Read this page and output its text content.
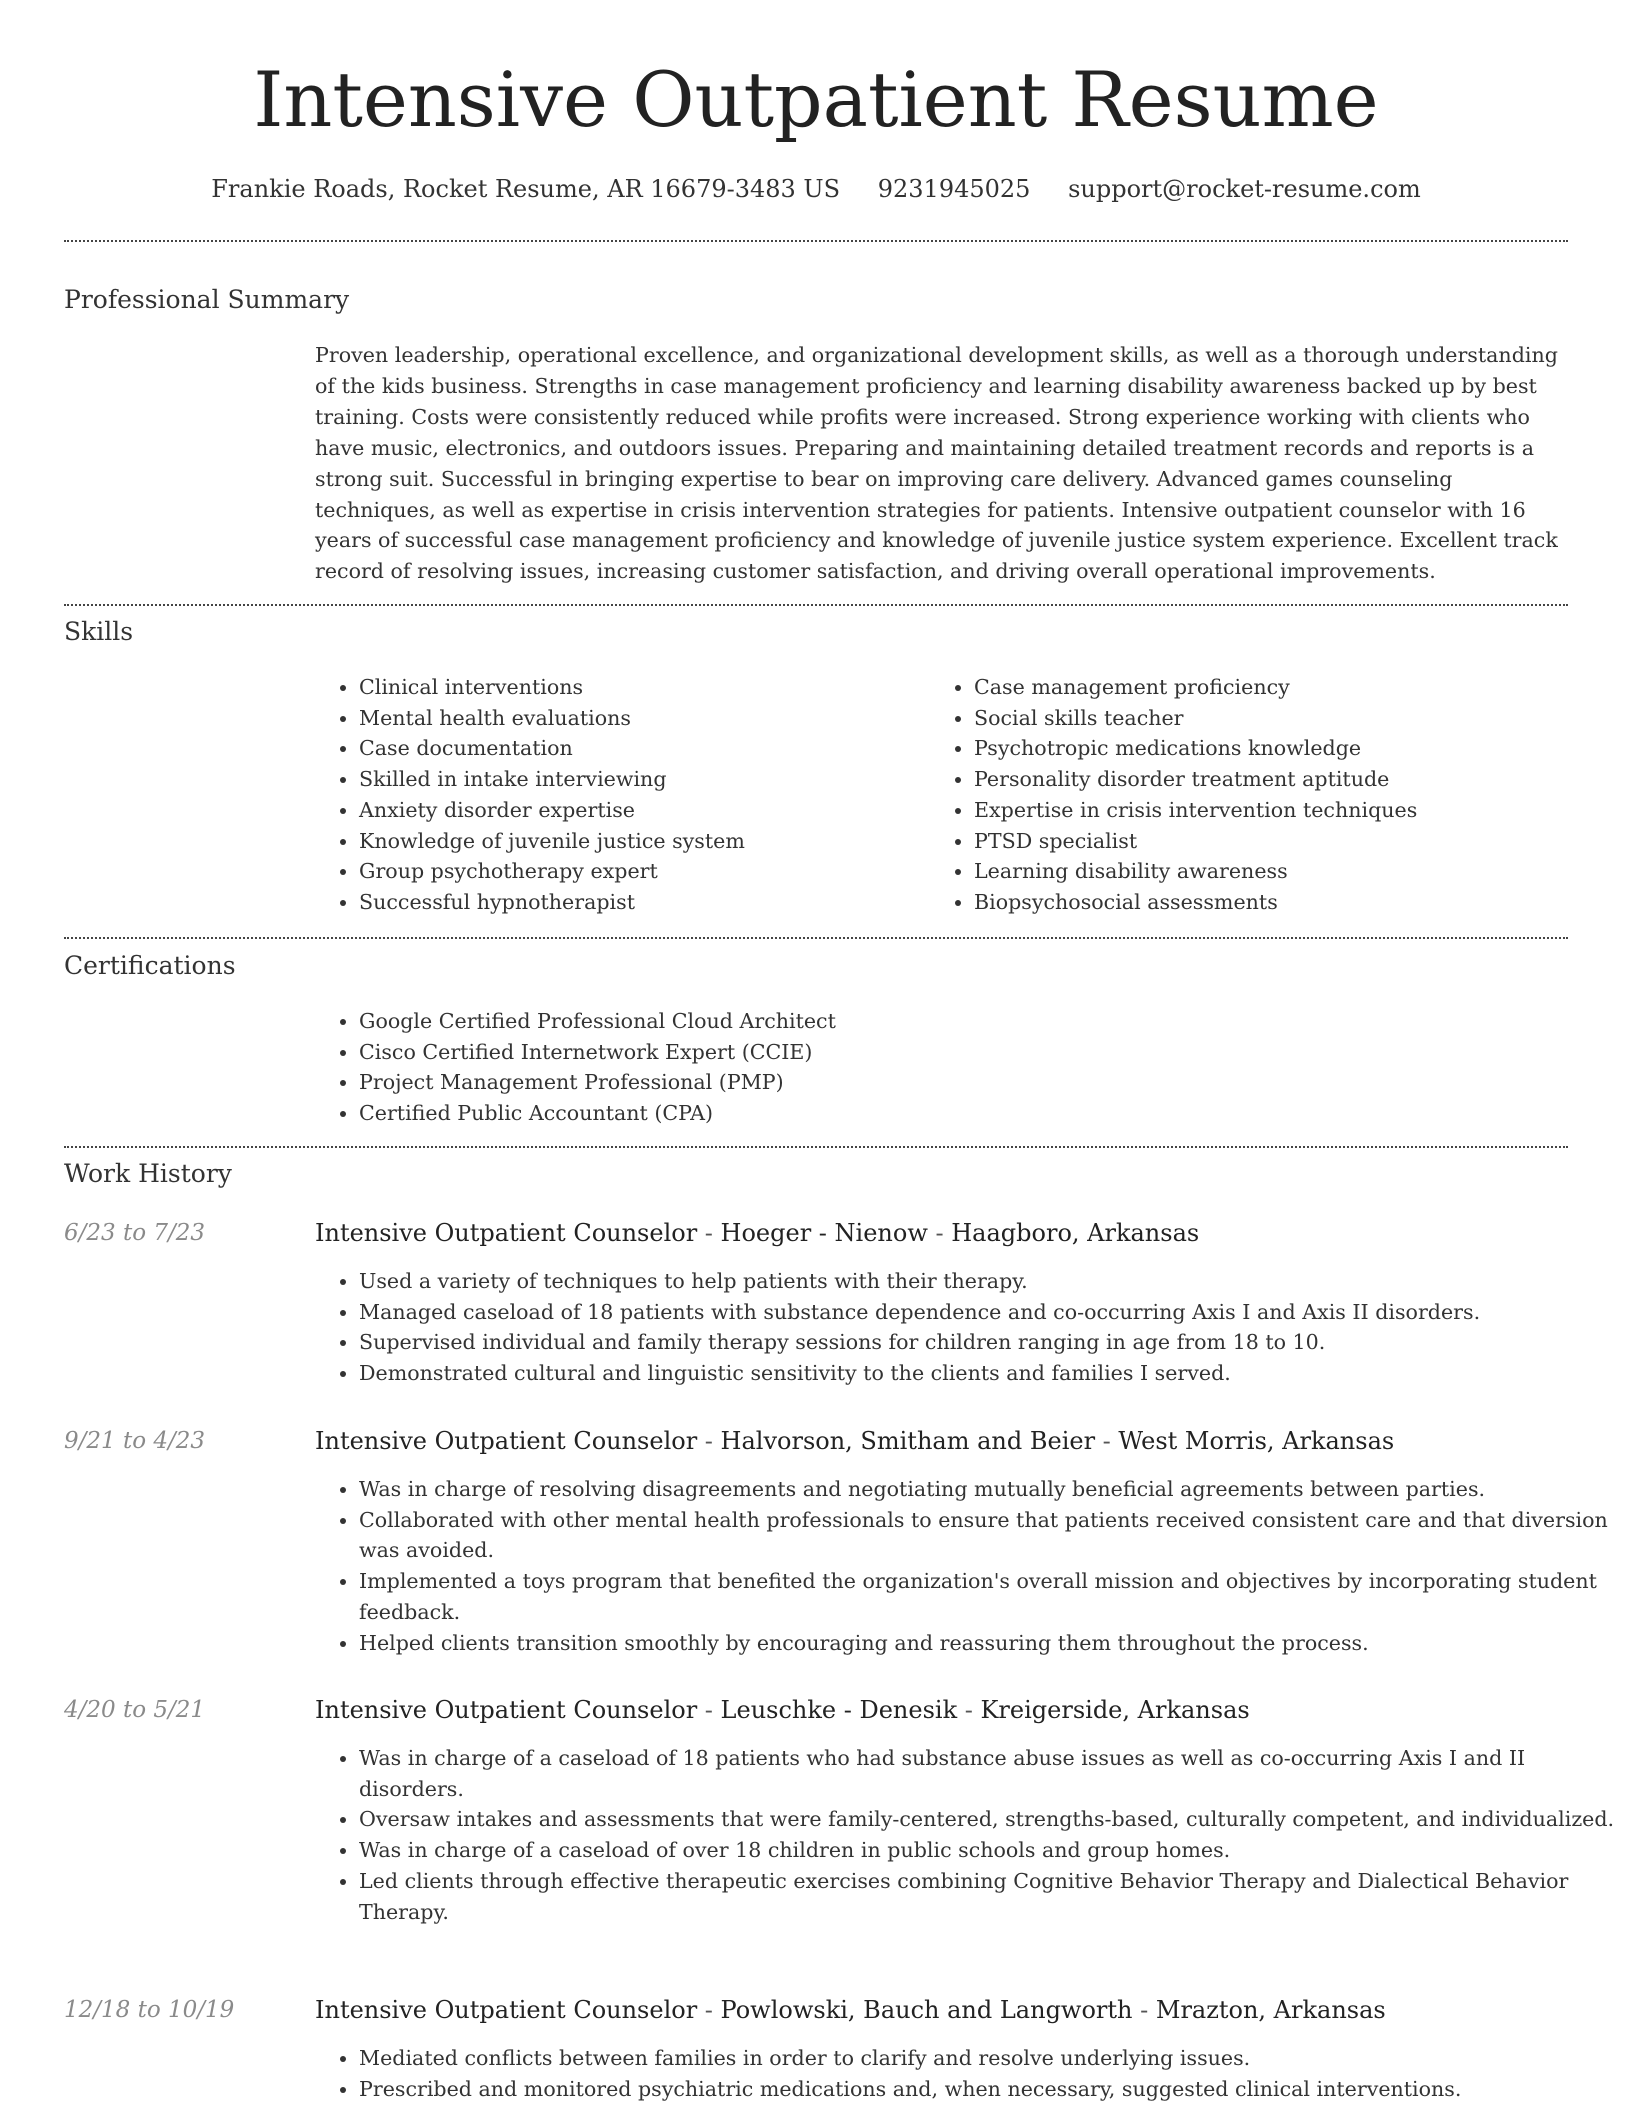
Intensive Outpatient Resume
Frankie Roads, Rocket Resume, AR 16679-3483 US 9231945025 support@rocket-resume.com
Professional Summary

Proven leadership, operational excellence, and organizational development skills, as well as a thorough understanding of the kids business. Strengths in case management proficiency and learning disability awareness backed up by best training. Costs were consistently reduced while profits were increased. Strong experience working with clients who have music, electronics, and outdoors issues. Preparing and maintaining detailed treatment records and reports is a strong suit. Successful in bringing expertise to bear on improving care delivery. Advanced games counseling techniques, as well as expertise in crisis intervention strategies for patients. Intensive outpatient counselor with 16 years of successful case management proficiency and knowledge of juvenile justice system experience. Excellent track record of resolving issues, increasing customer satisfaction, and driving overall operational improvements.

Skills
• Clinical interventions
• Mental health evaluations
• Case documentation
• Skilled in intake interviewing
• Anxiety disorder expertise
• Knowledge of juvenile justice system
• Group psychotherapy expert
• Successful hypnotherapist
• Case management proficiency
• Social skills teacher
• Psychotropic medications knowledge
• Personality disorder treatment aptitude
• Expertise in crisis intervention techniques
• PTSD specialist
• Learning disability awareness
• Biopsychosocial assessments
Certifications
• Google Certified Professional Cloud Architect
• Cisco Certified Internetwork Expert (CCIE)
• Project Management Professional (PMP)
• Certified Public Accountant (CPA)
Work History
6/23 to 7/23	Intensive Outpatient Counselor - Hoeger - Nienow - Haagboro, Arkansas
• Used a variety of techniques to help patients with their therapy.
• Managed caseload of 18 patients with substance dependence and co-occurring Axis I and Axis II disorders.
• Supervised individual and family therapy sessions for children ranging in age from 18 to 10.
• Demonstrated cultural and linguistic sensitivity to the clients and families I served.
9/21 to 4/23	Intensive Outpatient Counselor - Halvorson, Smitham and Beier - West Morris, Arkansas
• Was in charge of resolving disagreements and negotiating mutually beneficial agreements between parties.
• Collaborated with other mental health professionals to ensure that patients received consistent care and that diversion was avoided.
• Implemented a toys program that benefited the organization's overall mission and objectives by incorporating student feedback.
• Helped clients transition smoothly by encouraging and reassuring them throughout the process.
4/20 to 5/21	Intensive Outpatient Counselor - Leuschke - Denesik - Kreigerside, Arkansas
• Was in charge of a caseload of 18 patients who had substance abuse issues as well as co-occurring Axis I and II disorders.
• Oversaw intakes and assessments that were family-centered, strengths-based, culturally competent, and individualized.
• Was in charge of a caseload of over 18 children in public schools and group homes.
• Led clients through effective therapeutic exercises combining Cognitive Behavior Therapy and Dialectical Behavior Therapy.
12/18 to 10/19	Intensive Outpatient Counselor - Powlowski, Bauch and Langworth - Mrazton, Arkansas
• Mediated conflicts between families in order to clarify and resolve underlying issues.
• Prescribed and monitored psychiatric medications and, when necessary, suggested clinical interventions.
